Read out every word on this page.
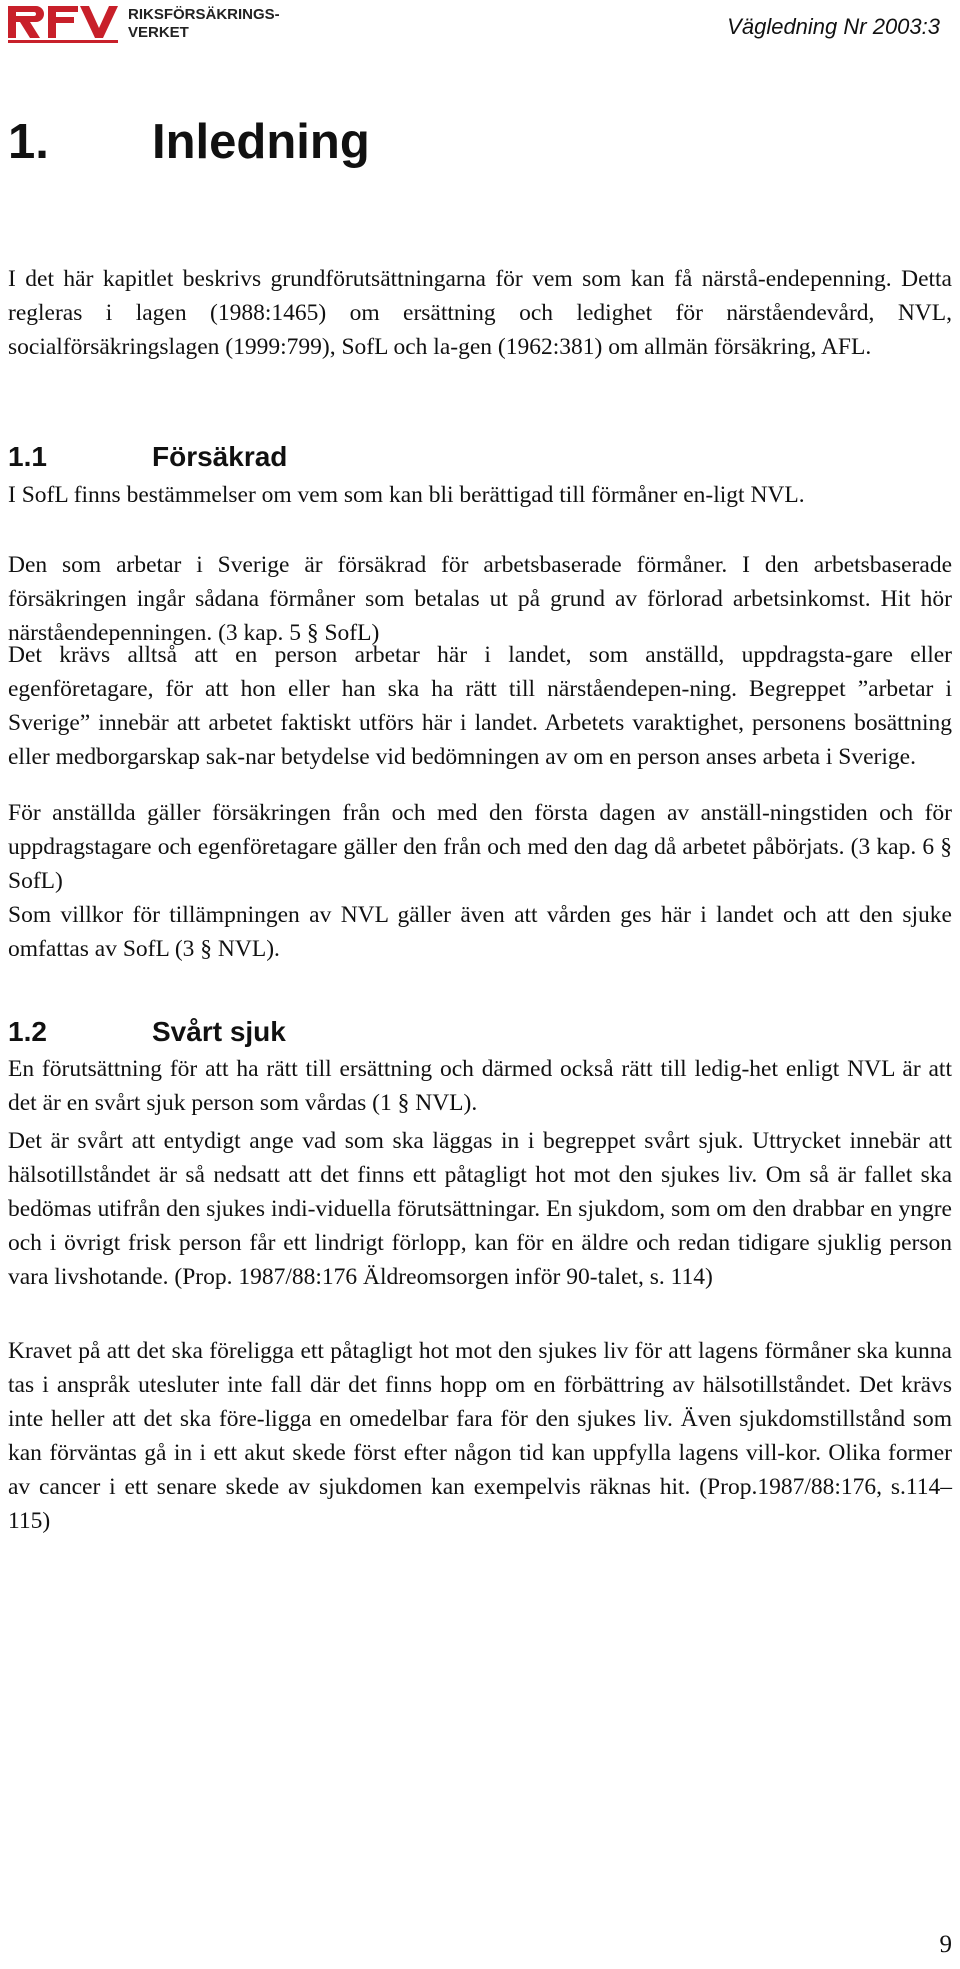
RIKSFÖRSÄKRINGS-
VERKET	Vägledning Nr 2003:3
1. Inledning

I det här kapitlet beskrivs grundförutsättningarna för vem som kan få närstå-endepenning. Detta regleras i lagen (1988:1465) om ersättning och ledighet för närståendevård, NVL, socialförsäkringslagen (1999:799), SofL och la-gen (1962:381) om allmän försäkring, AFL.

1.1	Försäkrad

I SofL finns bestämmelser om vem som kan bli berättigad till förmåner en-ligt NVL.

Den som arbetar i Sverige är försäkrad för arbetsbaserade förmåner. I den arbetsbaserade försäkringen ingår sådana förmåner som betalas ut på grund av förlorad arbetsinkomst. Hit hör närståendepenningen. (3 kap. 5 § SofL)

Det krävs alltså att en person arbetar här i landet, som anställd, uppdragsta-gare eller egenföretagare, för att hon eller han ska ha rätt till närståendepen-ning. Begreppet ”arbetar i Sverige” innebär att arbetet faktiskt utförs här i landet. Arbetets varaktighet, personens bosättning eller medborgarskap sak-nar betydelse vid bedömningen av om en person anses arbeta i Sverige.

För anställda gäller försäkringen från och med den första dagen av anställ-ningstiden och för uppdragstagare och egenföretagare gäller den från och med den dag då arbetet påbörjats. (3 kap. 6 § SofL)

Som villkor för tillämpningen av NVL gäller även att vården ges här i landet och att den sjuke omfattas av SofL (3 § NVL).

1.2	Svårt sjuk

En förutsättning för att ha rätt till ersättning och därmed också rätt till ledig-het enligt NVL är att det är en svårt sjuk person som vårdas (1 § NVL).

Det är svårt att entydigt ange vad som ska läggas in i begreppet svårt sjuk. Uttrycket innebär att hälsotillståndet är så nedsatt att det finns ett påtagligt hot mot den sjukes liv. Om så är fallet ska bedömas utifrån den sjukes indi-viduella förutsättningar. En sjukdom, som om den drabbar en yngre och i övrigt frisk person får ett lindrigt förlopp, kan för en äldre och redan tidigare sjuklig person vara livshotande. (Prop. 1987/88:176 Äldreomsorgen inför 90-talet, s. 114)

Kravet på att det ska föreligga ett påtagligt hot mot den sjukes liv för att lagens förmåner ska kunna tas i anspråk utesluter inte fall där det finns hopp om en förbättring av hälsotillståndet. Det krävs inte heller att det ska före-ligga en omedelbar fara för den sjukes liv. Även sjukdomstillstånd som kan förväntas gå in i ett akut skede först efter någon tid kan uppfylla lagens vill-kor. Olika former av cancer i ett senare skede av sjukdomen kan exempelvis räknas hit. (Prop.1987/88:176, s.114–115)

9
